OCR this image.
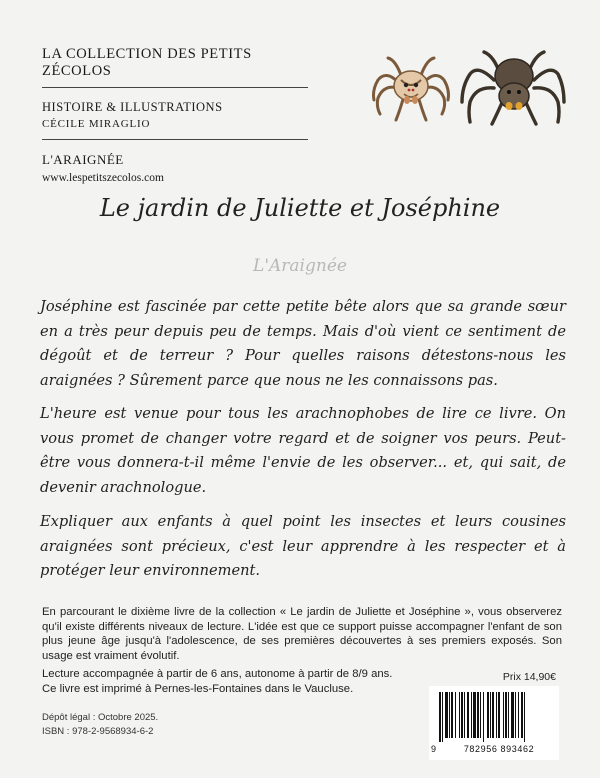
LA COLLECTION DES PETITS ZÉCOLOS
HISTOIRE & ILLUSTRATIONS
CÉCILE MIRAGLIO
L'ARAIGNÉE
www.lespetitszecolos.com
Le jardin de Juliette et Joséphine
L'Araignée
Joséphine est fascinée par cette petite bête alors que sa grande sœur en a très peur depuis peu de temps. Mais d'où vient ce sentiment de dégoût et de terreur ? Pour quelles raisons détestons-nous les araignées ? Sûrement parce que nous ne les connaissons pas.
L'heure est venue pour tous les arachnophobes de lire ce livre. On vous promet de changer votre regard et de soigner vos peurs. Peut-être vous donnera-t-il même l'envie de les observer... et, qui sait, de devenir arachnologue.
Expliquer aux enfants à quel point les insectes et leurs cousines araignées sont précieux, c'est leur apprendre à les respecter et à protéger leur environnement.

En parcourant le dixième livre de la collection « Le jardin de Juliette et Joséphine », vous observerez qu'il existe différents niveaux de lecture. L'idée est que ce support puisse accompagner l'enfant de son plus jeune âge jusqu'à l'adolescence, de ses premières découvertes à ses premiers exposés. Son usage est vraiment évolutif.

Lecture accompagnée à partir de 6 ans, autonome à partir de 8/9 ans.

Ce livre est imprimé à Pernes-les-Fontaines dans le Vaucluse.

Prix 14,90€

Dépôt légal : Octobre 2025.

ISBN : 978-2-9568934-6-2

9	782956 893462
